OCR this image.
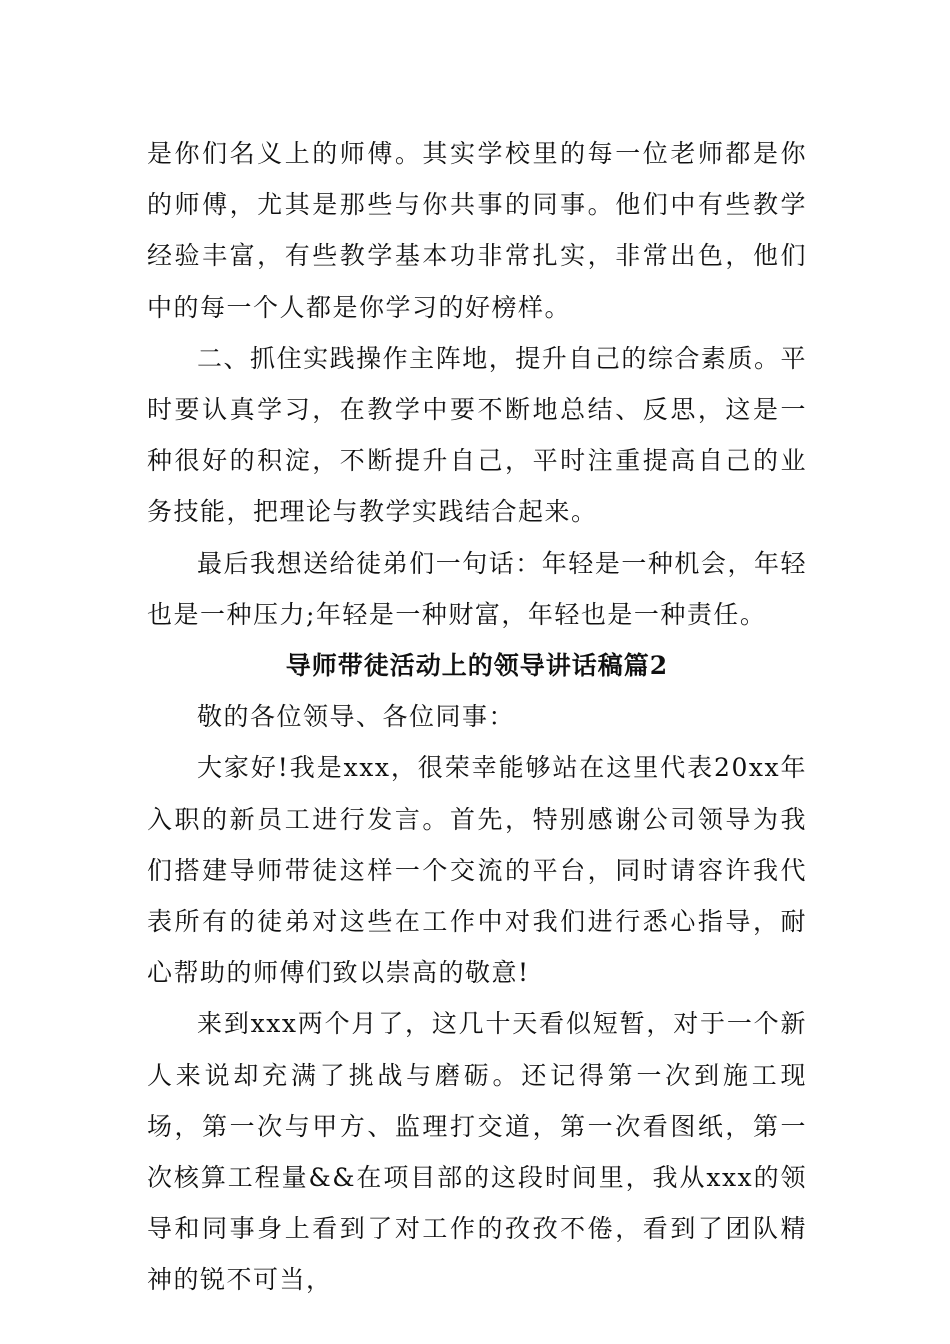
是你们名义上的师傅。其实学校里的每一位老师都是你的师傅，尤其是那些与你共事的同事。他们中有些教学经验丰富，有些教学基本功非常扎实，非常出色，他们中的每一个人都是你学习的好榜样。

二、抓住实践操作主阵地，提升自己的综合素质。平时要认真学习，在教学中要不断地总结、反思，这是一种很好的积淀，不断提升自己，平时注重提高自己的业务技能，把理论与教学实践结合起来。

最后我想送给徒弟们一句话：年轻是一种机会，年轻也是一种压力;年轻是一种财富，年轻也是一种责任。

导师带徒活动上的领导讲话稿篇2

敬的各位领导、各位同事：

大家好!我是xxx，很荣幸能够站在这里代表20xx年入职的新员工进行发言。首先，特别感谢公司领导为我们搭建导师带徒这样一个交流的平台，同时请容许我代表所有的徒弟对这些在工作中对我们进行悉心指导，耐心帮助的师傅们致以崇高的敬意!

来到xxx两个月了，这几十天看似短暂，对于一个新人来说却充满了挑战与磨砺。还记得第一次到施工现场，第一次与甲方、监理打交道，第一次看图纸，第一次核算工程量&&在项目部的这段时间里，我从xxx的领导和同事身上看到了对工作的孜孜不倦，看到了团队精神的锐不可当，
